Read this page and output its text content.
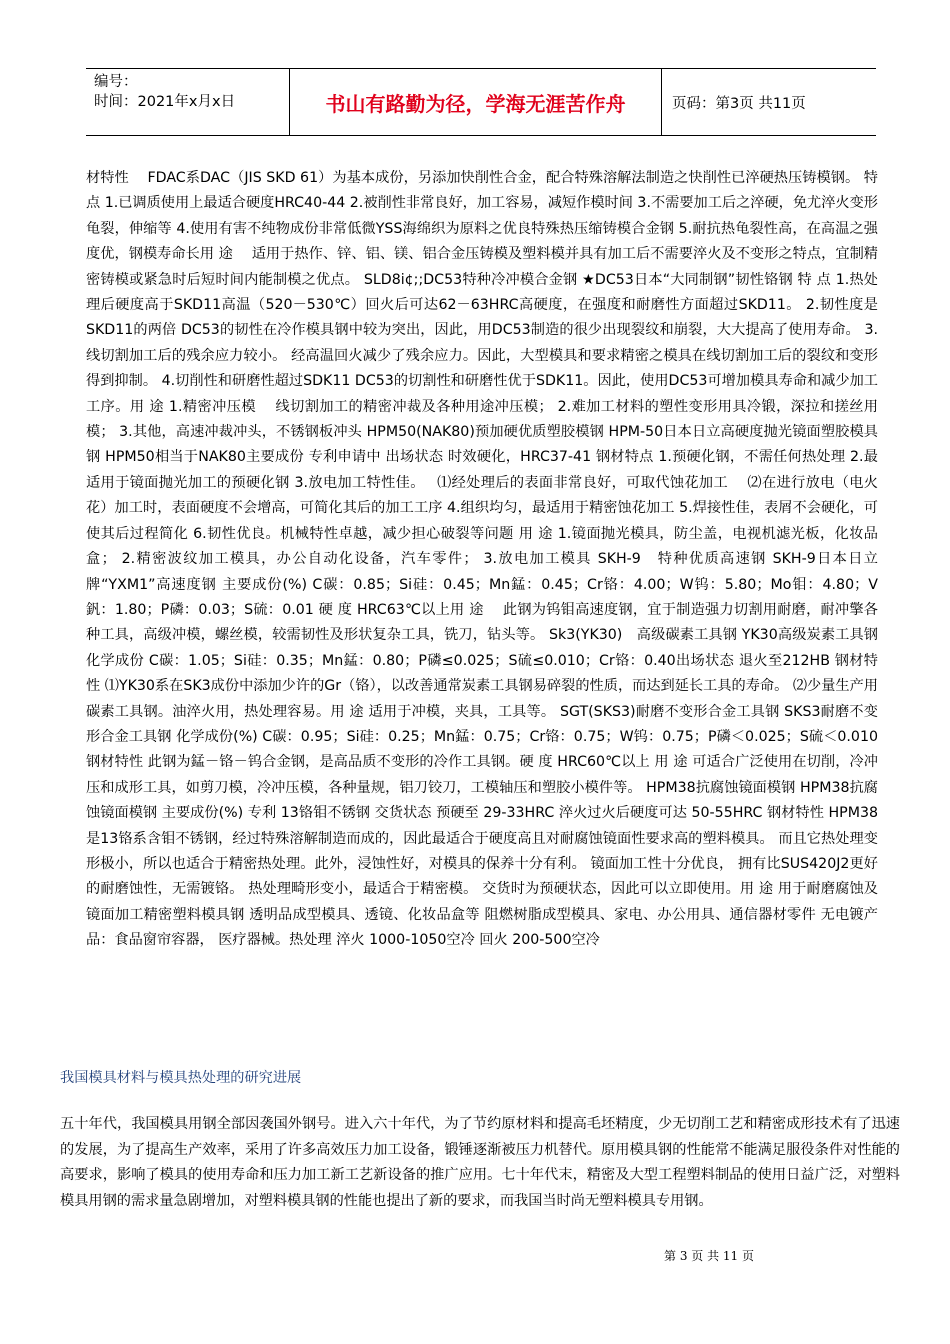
编号：
时间：2021年x月x日	书山有路勤为径，学海无涯苦作舟	页码：第3页 共11页

材特性　 FDAC系DAC（JIS SKD 61）为基本成份，另添加快削性合金，配合特殊溶解法制造之快削性已淬硬热压铸模钢。 特 点 1.已调质使用上最适合硬度HRC40-44 2.被削性非常良好，加工容易，减短作模时间 3.不需要加工后之淬硬，免尤淬火变形龟裂，伸缩等 4.使用有害不纯物成份非常低微YSS海绵织为原料之优良特殊热压缩铸模合金钢 5.耐抗热龟裂性高，在高温之强度优，钢模寿命长用 途　 适用于热作、锌、铝、镁、铝合金压铸模及塑料模并具有加工后不需要淬火及不变形之特点，宜制精密铸模或紧急时后短时间内能制模之优点。 SLD8i¢;;DC53特种冷冲模合金钢 ★DC53日本“大同制钢”韧性铬钢 特 点 1.热处理后硬度高于SKD11高温（520－530℃）回火后可达62－63HRC高硬度，在强度和耐磨性方面超过SKD11。 2.韧性度是SKD11的两倍 DC53的韧性在冷作模具钢中较为突出，因此，用DC53制造的很少出现裂纹和崩裂，大大提高了使用寿命。 3.线切割加工后的残余应力较小。 经高温回火减少了残余应力。因此，大型模具和要求精密之模具在线切割加工后的裂纹和变形得到抑制。 4.切削性和研磨性超过SDK11 DC53的切割性和研磨性优于SDK11。因此，使用DC53可增加模具寿命和减少加工工序。用 途 1.精密冲压模　 线切割加工的精密冲裁及各种用途冲压模； 2.难加工材料的塑性变形用具冷锻，深拉和搓丝用模； 3.其他，高速冲裁冲头，不锈钢板冲头 HPM50(NAK80)预加硬优质塑胶模钢 HPM-50日本日立高硬度抛光镜面塑胶模具钢 HPM50相当于NAK80主要成份 专利申请中 出场状态 时效硬化，HRC37-41 钢材特点 1.预硬化钢，不需任何热处理 2.最适用于镜面抛光加工的预硬化钢 3.放电加工特性佳。　 ⑴经处理后的表面非常良好，可取代蚀花加工　 ⑵在进行放电（电火花）加工时，表面硬度不会增高，可简化其后的加工工序 4.组织均匀，最适用于精密蚀花加工 5.焊接性佳，表屑不会硬化，可使其后过程简化 6.韧性优良。机械特性卓越，减少担心破裂等问题 用 途 1.镜面抛光模具，防尘盖，电视机滤光板，化妆品盒； 2.精密波纹加工模具，办公自动化设备，汽车零件； 3.放电加工模具 SKH-9　特种优质高速钢 SKH-9日本日立牌“YXM1”高速度钢 主要成份(%) C碳：0.85；Si硅：0.45；Mn錳：0.45；Cr铬：4.00；W钨：5.80；Mo钼：4.80；V釩：1.80；P磷：0.03；S硫：0.01 硬 度 HRC63℃以上用 途　 此钢为钨钼高速度钢，宜于制造强力切割用耐磨，耐冲擎各种工具，高级冲模，螺丝模，较需韧性及形状复杂工具，铣刀，钻头等。 Sk3(YK30)　高级碳素工具钢 YK30高级炭素工具钢 化学成份 C碳：1.05；Si硅：0.35；Mn錳：0.80；P磷≤0.025；S硫≤0.010；Cr铬：0.40出场状态 退火至212HB 钢材特性 ⑴YK30系在SK3成份中添加少许的Gr（铬），以改善通常炭素工具钢易碎裂的性质，而达到延长工具的寿命。 ⑵少量生产用碳素工具钢。油淬火用，热处理容易。用 途 适用于冲模，夹具，工具等。 SGT(SKS3)耐磨不变形合金工具钢 SKS3耐磨不变形合金工具钢 化学成份(%) C碳：0.95；Si硅：0.25；Mn錳：0.75；Cr铬：0.75；W钨：0.75；P磷＜0.025；S硫＜0.010 钢材特性 此钢为錳－铬－钨合金钢，是高品质不变形的冷作工具钢。硬 度 HRC60℃以上 用 途 可适合广泛使用在切削，冷冲压和成形工具，如剪刀模，冷冲压模，各种量规，铝刀铰刀，工模轴压和塑胶小模件等。 HPM38抗腐蚀镜面模钢 HPM38抗腐蚀镜面模钢 主要成份(%) 专利 13铬钼不锈钢 交货状态 预硬至 29-33HRC 淬火过火后硬度可达 50-55HRC 钢材特性 HPM38是13铬系含钼不锈钢，经过特殊溶解制造而成的，因此最适合于硬度高且对耐腐蚀镜面性要求高的塑料模具。 而且它热处理变形极小，所以也适合于精密热处理。此外，浸蚀性好，对模具的保养十分有利。 镜面加工性十分优良， 拥有比SUS420J2更好的耐磨蚀性，无需镀铬。 热处理畸形变小，最适合于精密模。 交货时为预硬状态，因此可以立即使用。用 途 用于耐磨腐蚀及镜面加工精密塑料模具钢 透明品成型模具、透镜、化妆品盒等 阻燃树脂成型模具、家电、办公用具、通信器材零件 无电镀产品：食品窗帘容器， 医疗器械。热处理 淬火 1000-1050空冷 回火 200-500空冷

我国模具材料与模具热处理的研究进展

五十年代，我国模具用钢全部因袭国外钢号。进入六十年代，为了节约原材料和提高毛坯精度，少无切削工艺和精密成形技术有了迅速的发展，为了提高生产效率，采用了许多高效压力加工设备，锻锤逐渐被压力机替代。原用模具钢的性能常不能满足服役条件对性能的高要求，影响了模具的使用寿命和压力加工新工艺新设备的推广应用。七十年代末，精密及大型工程塑料制品的使用日益广泛，对塑料模具用钢的需求量急剧增加，对塑料模具钢的性能也提出了新的要求，而我国当时尚无塑料模具专用钢。

第 3 页 共 11 页
